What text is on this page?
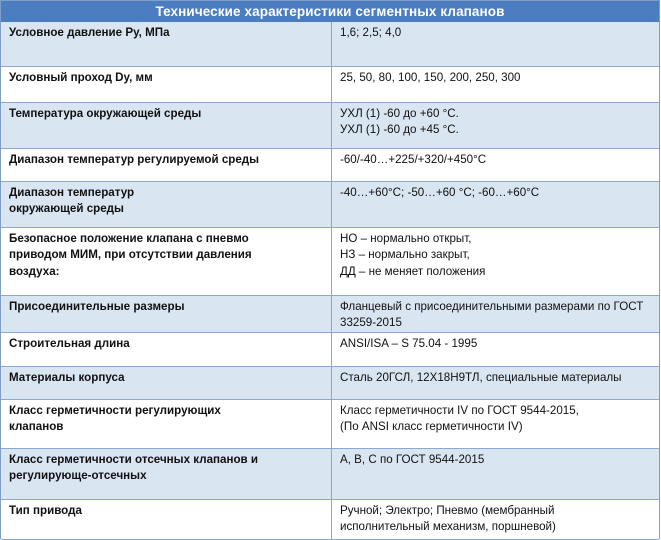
Технические характеристики сегментных клапанов
Условное давление Ру, МПа	1,6; 2,5; 4,0

Условный проход Dy, мм	25, 50, 80, 100, 150, 200, 250, 300

Температура окружающей среды	УХЛ (1) -60 до +60 °С.
УХЛ (1) -60 до +45 °С.

Диапазон температур регулируемой среды	-60/-40…+225/+320/+450°С

Диапазон температур
окружающей среды	-40…+60°С; -50…+60 °С; -60…+60°С

Безопасное положение клапана с пневмо
приводом МИМ, при отсутствии давления
воздуха:	НО – нормально открыт,
НЗ – нормально закрыт,
ДД – не меняет положения

Присоединительные размеры	Фланцевый с присоединительными размерами по ГОСТ
33259-2015

Строительная длина	ANSI/ISA – S 75.04 - 1995

Материалы корпуса	Сталь 20ГСЛ, 12Х18Н9ТЛ, специальные материалы

Класс герметичности регулирующих
клапанов	Класс герметичности IV по ГОСТ 9544-2015,
(По ANSI класс герметичности IV)

Класс герметичности отсечных клапанов и
регулирующе-отсечных	А, В, С по ГОСТ 9544-2015

Тип привода	Ручной; Электро; Пневмо (мембранный
исполнительный механизм, поршневой)
